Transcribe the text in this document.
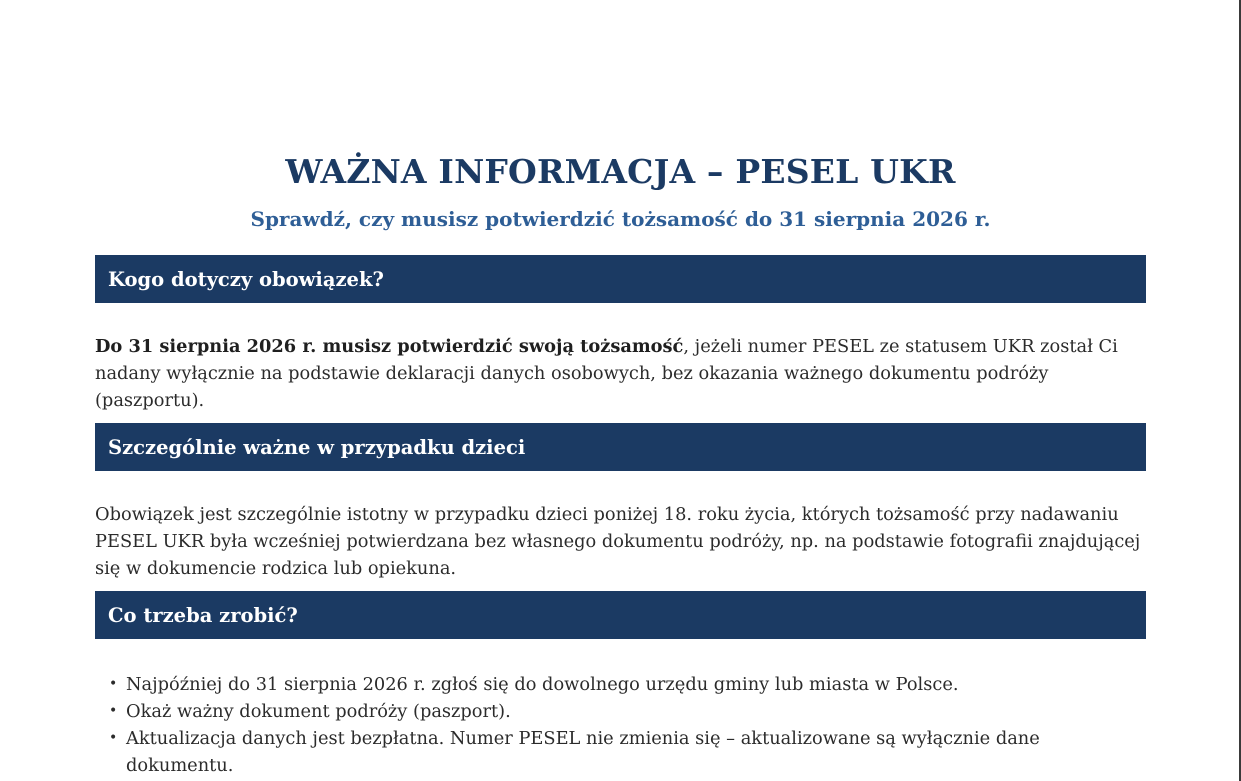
WAŻNA INFORMACJA – PESEL UKR
Sprawdź, czy musisz potwierdzić tożsamość do 31 sierpnia 2026 r.
Kogo dotyczy obowiązek?

Do 31 sierpnia 2026 r. musisz potwierdzić swoją tożsamość, jeżeli numer PESEL ze statusem UKR został Ci nadany wyłącznie na podstawie deklaracji danych osobowych, bez okazania ważnego dokumentu podróży (paszportu).

Szczególnie ważne w przypadku dzieci

Obowiązek jest szczególnie istotny w przypadku dzieci poniżej 18. roku życia, których tożsamość przy nadawaniu PESEL UKR była wcześniej potwierdzana bez własnego dokumentu podróży, np. na podstawie fotografii znajdującej się w dokumencie rodzica lub opiekuna.

Co trzeba zrobić?
• Najpóźniej do 31 sierpnia 2026 r. zgłoś się do dowolnego urzędu gminy lub miasta w Polsce.
• Okaż ważny dokument podróży (paszport).
• Aktualizacja danych jest bezpłatna. Numer PESEL nie zmienia się – aktualizowane są wyłącznie dane dokumentu.
